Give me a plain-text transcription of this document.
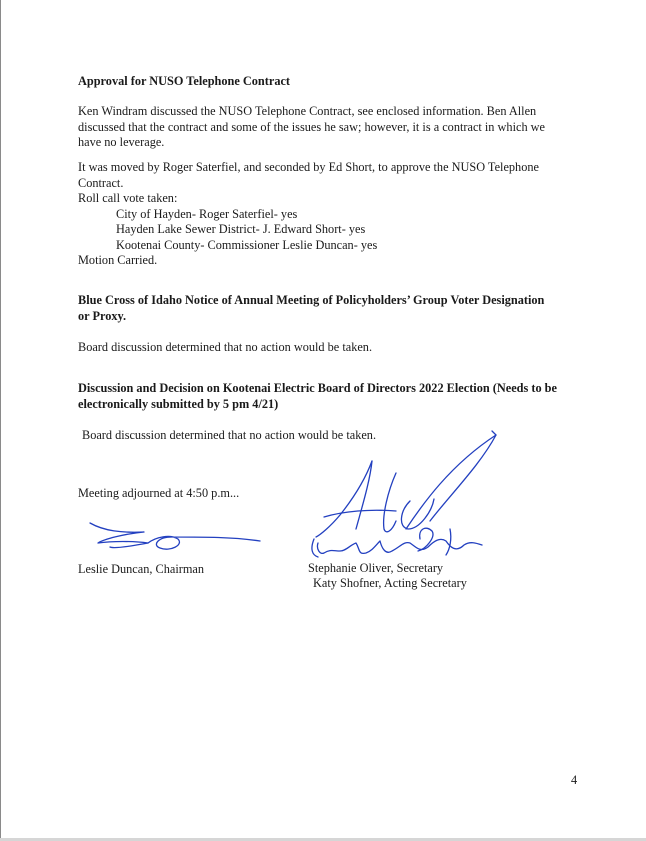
Approval for NUSO Telephone Contract

Ken Windram discussed the NUSO Telephone Contract, see enclosed information. Ben Allen
discussed that the contract and some of the issues he saw; however, it is a contract in which we
have no leverage.
It was moved by Roger Saterfiel, and seconded by Ed Short, to approve the NUSO Telephone
Contract.
Roll call vote taken:
City of Hayden- Roger Saterfiel- yes
Hayden Lake Sewer District- J. Edward Short- yes
Kootenai County- Commissioner Leslie Duncan- yes
Motion Carried.
Blue Cross of Idaho Notice of Annual Meeting of Policyholders’ Group Voter Designation
or Proxy.

Board discussion determined that no action would be taken.

Discussion and Decision on Kootenai Electric Board of Directors 2022 Election (Needs to be
electronically submitted by 5 pm 4/21)

Board discussion determined that no action would be taken.

Meeting adjourned at 4:50 p.m...

Leslie Duncan, Chairman	Stephanie Oliver, Secretary

Katy Shofner, Acting Secretary

4
